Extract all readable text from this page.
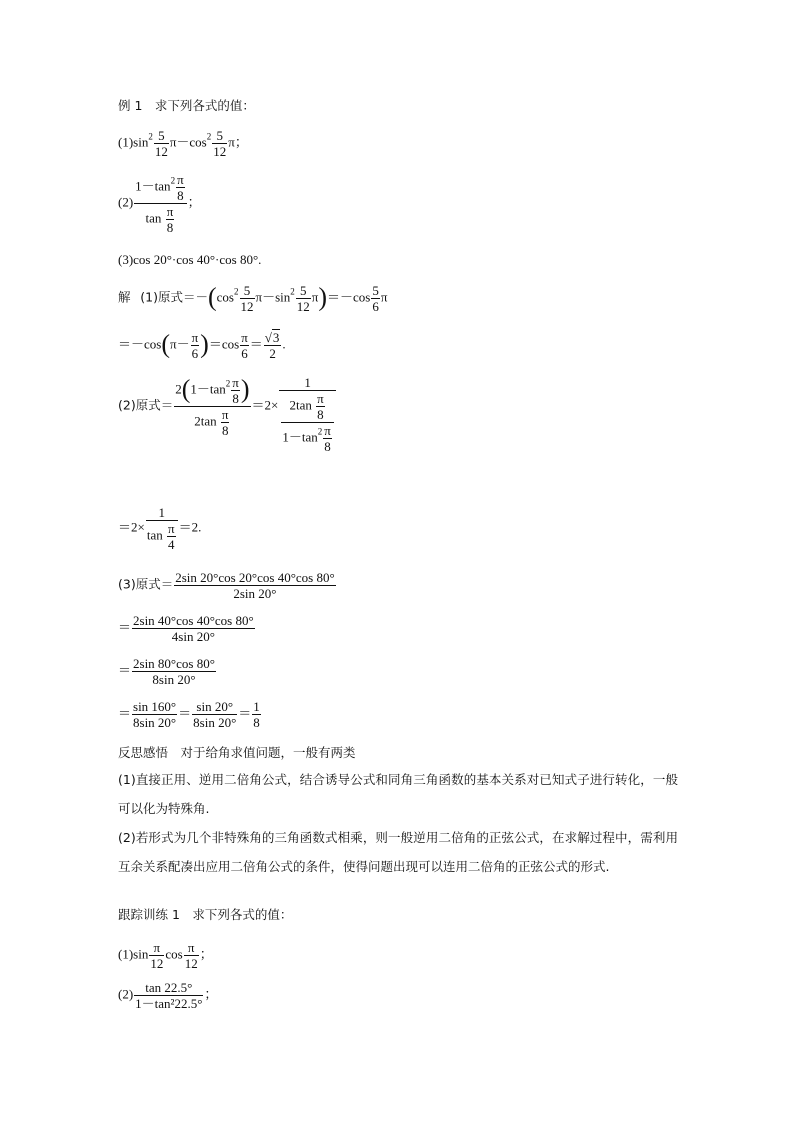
例 1　求下列各式的值：
$(1)\sin^2 \frac{5}{12} \pi-\cos^2 \frac{5}{12}$ π；
$(2) \frac{1-\tan^2 \frac{\pi}{8}}{\tan \frac{\pi}{8}}$ ；
(3)cos 20°·cos 40°·cos 80°.
解 (1)原式$=-(\cos^2 \frac{5}{12} \pi-\sin^2 \frac{5}{12} \pi)=-\cos \frac{5}{6}$ π
$=-\cos(\pi- \frac{\pi}{6} )=\cos \frac{\pi}{6} = \frac{√3}{2}$ .
(2)原式＝ $\frac{2(1-\tan^2 \frac{\pi}{8} )}{2\tan \frac{\pi}{8}} =2\times \frac{1}{\frac{2\tan \frac{\pi}{8}}{1-\tan^2 \frac{\pi}{8}}}$
$=2\times \frac{1}{\tan \frac{\pi}{4}} =2$.
(3)原式＝ $\frac{2\sin 20^\circ\cos 20^\circ\cos 40^\circ\cos 80^\circ}{2\sin 20^\circ}$
＝ $\frac{2\sin 40^\circ\cos 40^\circ\cos 80^\circ}{4\sin 20^\circ}$
＝ $\frac{2\sin 80^\circ\cos 80^\circ}{8\sin 20^\circ}$
＝ $\frac{\sin 160^\circ}{8\sin 20^\circ} = \frac{\sin 20^\circ}{8\sin 20^\circ} = \frac{1}{8}$
反思感悟　对于给角求值问题，一般有两类
(1)直接正用、逆用二倍角公式，结合诱导公式和同角三角函数的基本关系对已知式子进行转化，一般可以化为特殊角.
(2)若形式为几个非特殊角的三角函数式相乘，则一般逆用二倍角的正弦公式，在求解过程中，需利用互余关系配凑出应用二倍角公式的条件，使得问题出现可以连用二倍角的正弦公式的形式.
跟踪训练 1　求下列各式的值：
$(1)\sin \frac{\pi}{12}$ $\cos \frac{\pi}{12}$ ；
$(2) \frac{\tan 22.5^\circ}{\text{1－tan²22.5°}}$ ；
